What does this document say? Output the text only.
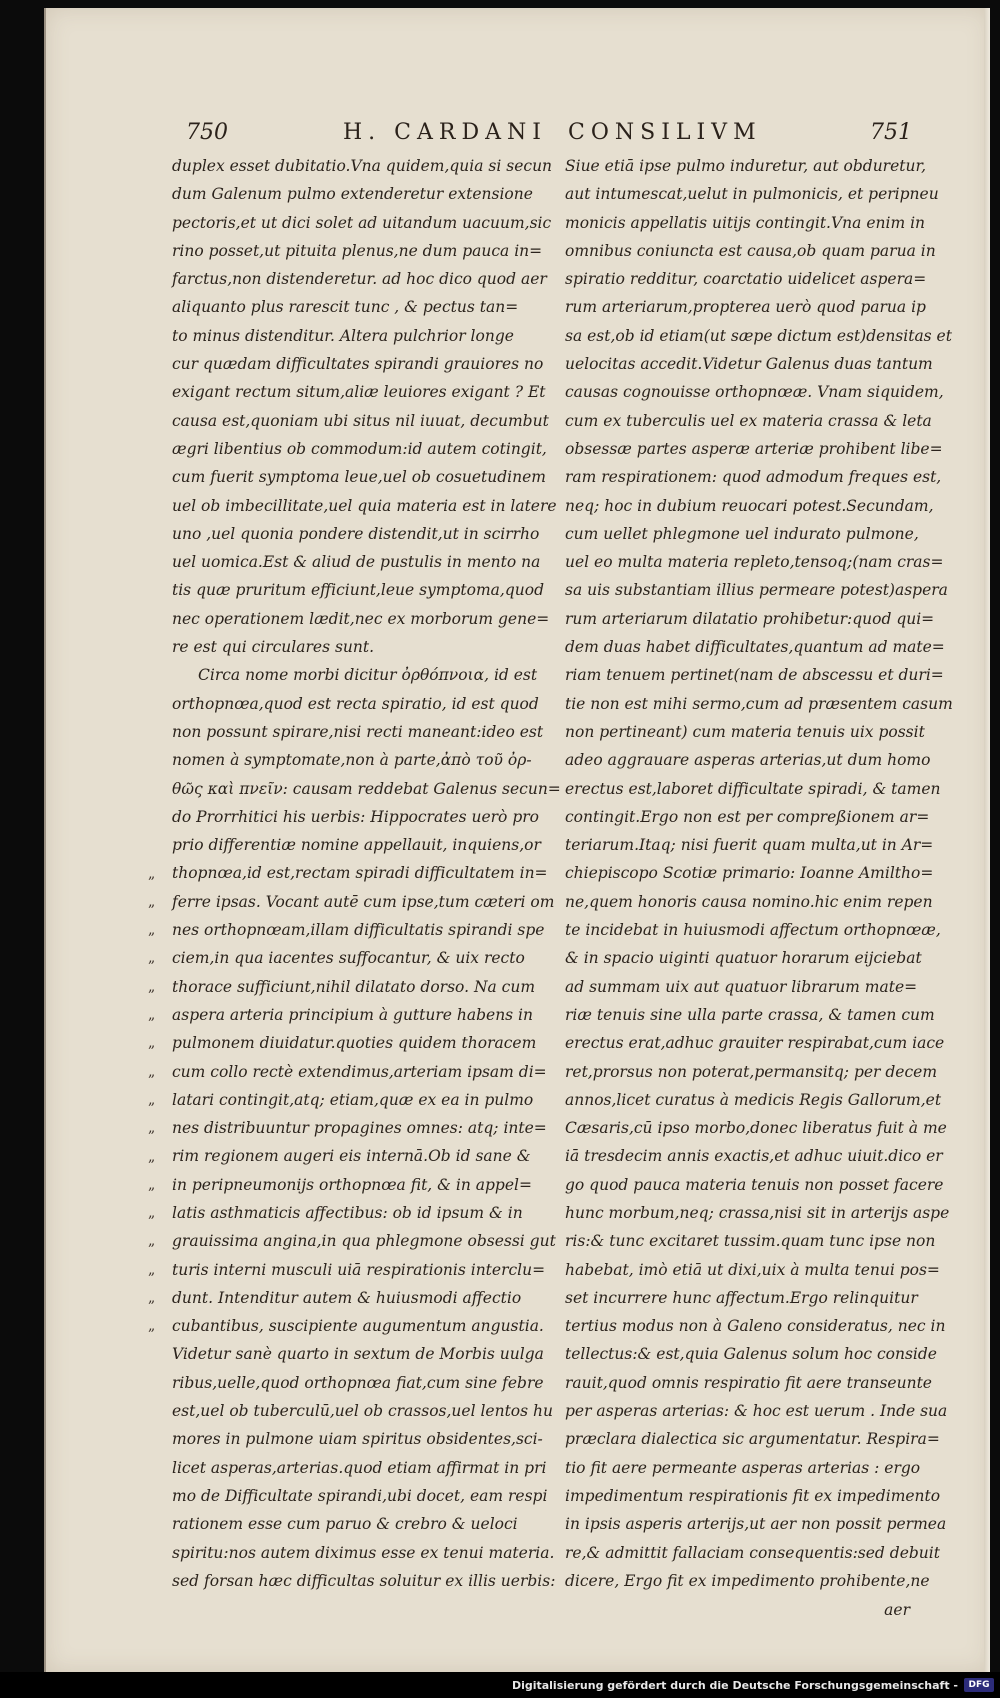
750	H. CARDANI CONSILIVM	751
duplex esset dubitatio.Vna quidem,quia si secun
dum Galenum pulmo extenderetur extensione
pectoris,et ut dici solet ad uitandum uacuum,sic
rino posset,ut pituita plenus,ne dum pauca in=
farctus,non distenderetur. ad hoc dico quod aer
aliquanto plus rarescit tunc , & pectus tan=
to minus distenditur. Altera pulchrior longe
cur quædam difficultates spirandi grauiores no
exigant rectum situm,aliæ leuiores exigant ? Et
causa est,quoniam ubi situs nil iuuat, decumbut
ægri libentius ob commodum:id autem cotingit,
cum fuerit symptoma leue,uel ob cosuetudinem
uel ob imbecillitate,uel quia materia est in latere
uno ,uel quonia pondere distendit,ut in scirrho
uel uomica.Est & aliud de pustulis in mento na
tis quæ pruritum efficiunt,leue symptoma,quod
nec operationem lædit,nec ex morborum gene=
re est qui circulares sunt.
Circa nome morbi dicitur ὀρθόπνοια, id est
orthopnœa,quod est recta spiratio, id est quod
non possunt spirare,nisi recti maneant:ideo est
nomen à symptomate,non à parte,ἀπὸ τοῦ ὀρ-
θῶς καὶ πνεῖν: causam reddebat Galenus secun=
do Prorrhitici his uerbis: Hippocrates uerò pro
prio differentiæ nomine appellauit, inquiens,or
thopnœa,id est,rectam spiradi difficultatem in=
ferre ipsas. Vocant autē cum ipse,tum cæteri om
nes orthopnœam,illam difficultatis spirandi spe
ciem,in qua iacentes suffocantur, & uix recto
thorace sufficiunt,nihil dilatato dorso. Na cum
aspera arteria principium à gutture habens in
pulmonem diuidatur.quoties quidem thoracem
cum collo rectè extendimus,arteriam ipsam di=
latari contingit,atq; etiam,quæ ex ea in pulmo
nes distribuuntur propagines omnes: atq; inte=
rim regionem augeri eis internā.Ob id sane &
in peripneumonijs orthopnœa fit, & in appel=
latis asthmaticis affectibus: ob id ipsum & in
grauissima angina,in qua phlegmone obsessi gut
turis interni musculi uiā respirationis interclu=
dunt. Intenditur autem & huiusmodi affectio
cubantibus, suscipiente augumentum angustia.
Videtur sanè quarto in sextum de Morbis uulga
ribus,uelle,quod orthopnœa fiat,cum sine febre
est,uel ob tuberculū,uel ob crassos,uel lentos hu
mores in pulmone uiam spiritus obsidentes,sci-
licet asperas,arterias.quod etiam affirmat in pri
mo de Difficultate spirandi,ubi docet, eam respi
rationem esse cum paruo & crebro & ueloci
spiritu:nos autem diximus esse ex tenui materia.
sed forsan hæc difficultas soluitur ex illis uerbis:
Siue etiā ipse pulmo induretur, aut obduretur,
aut intumescat,uelut in pulmonicis, et peripneu
monicis appellatis uitijs contingit.Vna enim in
omnibus coniuncta est causa,ob quam parua in
spiratio redditur, coarctatio uidelicet aspera=
rum arteriarum,propterea uerò quod parua ip
sa est,ob id etiam(ut sæpe dictum est)densitas et
uelocitas accedit.Videtur Galenus duas tantum
causas cognouisse orthopnœæ. Vnam siquidem,
cum ex tuberculis uel ex materia crassa & leta
obsessæ partes asperæ arteriæ prohibent libe=
ram respirationem: quod admodum freques est,
neq; hoc in dubium reuocari potest.Secundam,
cum uellet phlegmone uel indurato pulmone,
uel eo multa materia repleto,tensoq;(nam cras=
sa uis substantiam illius permeare potest)aspera
rum arteriarum dilatatio prohibetur:quod qui=
dem duas habet difficultates,quantum ad mate=
riam tenuem pertinet(nam de abscessu et duri=
tie non est mihi sermo,cum ad præsentem casum
non pertineant) cum materia tenuis uix possit
adeo aggrauare asperas arterias,ut dum homo
erectus est,laboret difficultate spiradi, & tamen
contingit.Ergo non est per compreßionem ar=
teriarum.Itaq; nisi fuerit quam multa,ut in Ar=
chiepiscopo Scotiæ primario: Ioanne Amiltho=
ne,quem honoris causa nomino.hic enim repen
te incidebat in huiusmodi affectum orthopnœæ,
& in spacio uiginti quatuor horarum eijciebat
ad summam uix aut quatuor librarum mate=
riæ tenuis sine ulla parte crassa, & tamen cum
erectus erat,adhuc grauiter respirabat,cum iace
ret,prorsus non poterat,permansitq; per decem
annos,licet curatus à medicis Regis Gallorum,et
Cæsaris,cū ipso morbo,donec liberatus fuit à me
iā tresdecim annis exactis,et adhuc uiuit.dico er
go quod pauca materia tenuis non posset facere
hunc morbum,neq; crassa,nisi sit in arterijs aspe
ris:& tunc excitaret tussim.quam tunc ipse non
habebat, imò etiā ut dixi,uix à multa tenui pos=
set incurrere hunc affectum.Ergo relinquitur
tertius modus non à Galeno consideratus, nec in
tellectus:& est,quia Galenus solum hoc conside
rauit,quod omnis respiratio fit aere transeunte
per asperas arterias: & hoc est uerum . Inde sua
præclara dialectica sic argumentatur. Respira=
tio fit aere permeante asperas arterias : ergo
impedimentum respirationis fit ex impedimento
in ipsis asperis arterijs,ut aer non possit permea
re,& admittit fallaciam consequentis:sed debuit
dicere, Ergo fit ex impedimento prohibente,ne
„
„
„
„
„
„
„
„
„
„
„
„
„
„
„
„
„
aer
Digitalisierung gefördert durch die Deutsche Forschungsgemeinschaft -	DFG
